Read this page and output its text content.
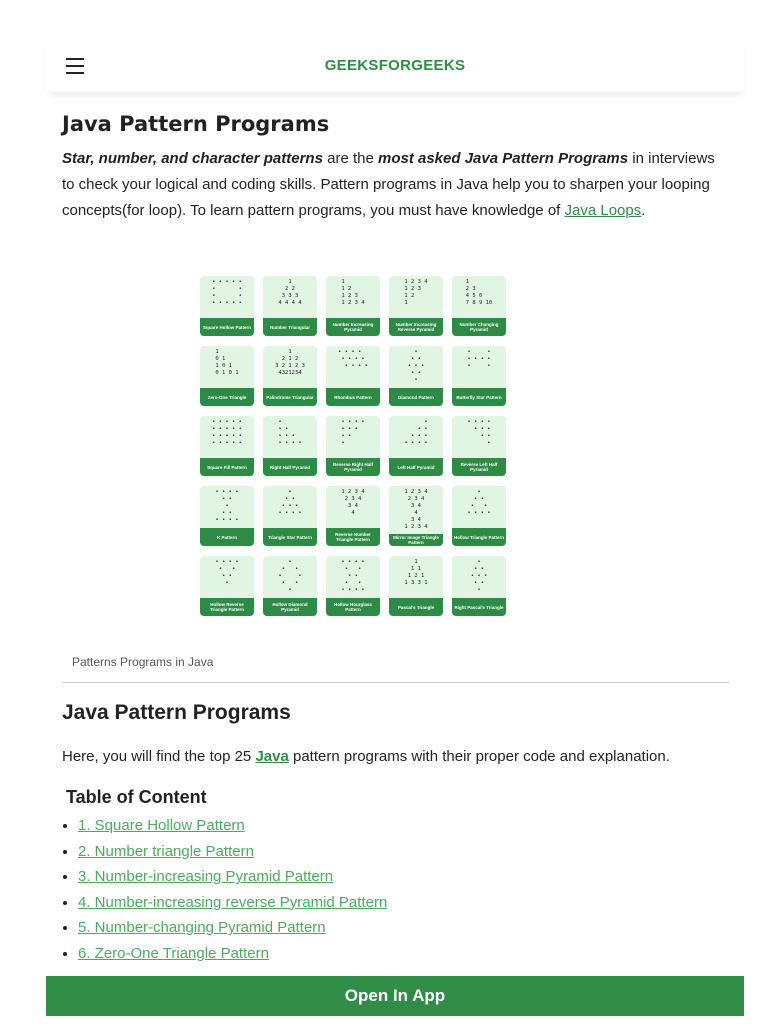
GEEKSFORGEEKS
Java Pattern Programs

Star, number, and character patterns are the most asked Java Pattern Programs in interviews to check your logical and coding skills. Pattern programs in Java help you to sharpen your looping concepts(for loop). To learn pattern programs, you must have knowledge of Java Loops.

• • • • •
•       •
•       •
• • • • •
Square Hollow Pattern
1
2 2
3 3 3
4 4 4 4
Number Triangular
1
1 2
1 2 3
1 2 3 4
Number Increasing Pyramid
1 2 3 4
1 2 3
1 2
1
Number Increasing Reverse Pyramid
1
2 3
4 5 6
7 8 9 10
Number Changing Pyramid
1
0 1
1 0 1
0 1 0 1
Zero-One Triangle
1
2 1 2
3 2 1 2 3
4321234
Palindrome Triangular
• • • •
• • • •
• • • •
Rhombus Pattern
•
• •
• • •
• •
•
Diamond Pattern
•     •
• • • •
•     •
Butterfly Star Pattern
• • • • •
• • • • •
• • • • •
• • • • •
Square Fill Pattern
•
• •
• • •
• • • •
Right Half Pyramid
• • • •
• • •
• •
•
Reverse Right Half Pyramid
•
• •
• • •
• • • •
Left Half Pyramid
• • • •
• • •
• •
•
Reverse Left Half Pyramid
• • • •
• •
•
• •
• • • •
K Pattern
•
• •
• • •
• • • •
Triangle Star Pattern
1 2 3 4
2 3 4
3 4
4
Reverse Number Triangle Pattern
1 2 3 4
2 3 4
3 4
4
3 4
1 2 3 4
Mirror Image Triangle Pattern
•
• •
•   •
• • • •
Hollow Triangle Pattern
• • • •
•   •
• •
•
Hollow Reverse Triangle Pattern
•
•   •
•     •
•   •
•
Hollow Diamond Pyramid
• • • •
•   •
• •
•   •
• • • •
Hollow Hourglass Pattern
1
1 1
1 2 1
1 3 3 1
Pascal's Triangle
•
• •
• • •
• •
•
Right Pascal's Triangle
Patterns Programs in Java
Java Pattern Programs

Here, you will find the top 25 Java pattern programs with their proper code and explanation.

Table of Content
• 1. Square Hollow Pattern
• 2. Number triangle Pattern
• 3. Number-increasing Pyramid Pattern
• 4. Number-increasing reverse Pyramid Pattern
• 5. Number-changing Pyramid Pattern
• 6. Zero-One Triangle Pattern
Open In App
